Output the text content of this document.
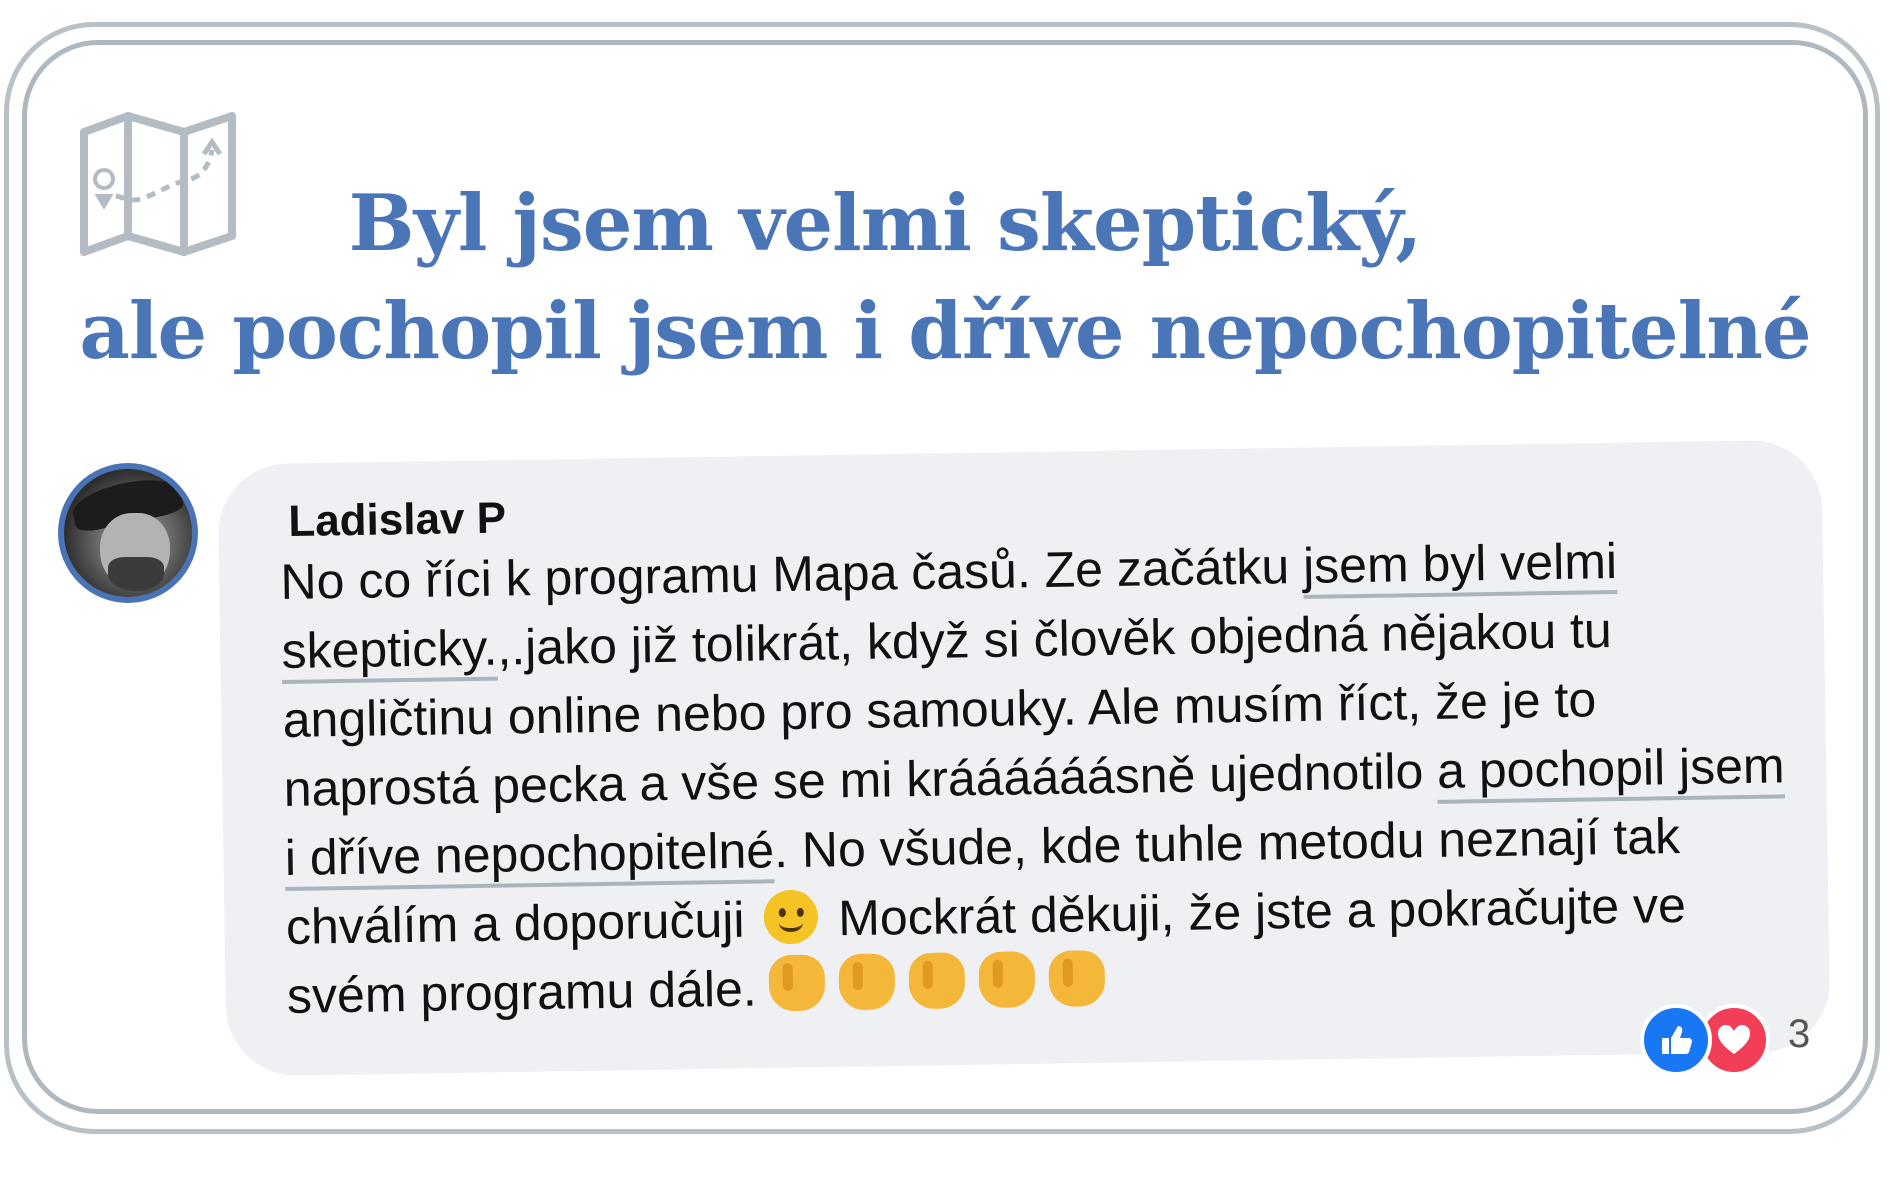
Byl jsem velmi skeptický,
ale pochopil jsem i dříve nepochopitelné

Ladislav P

No co říci k programu Mapa časů. Ze začátku jsem byl velmi skepticky.,.jako již tolikrát, když si člověk objedná nějakou tu angličtinu online nebo pro samouky. Ale musím říct, že je to naprostá pecka a vše se mi kráááááásně ujednotilo a pochopil jsem i dříve nepochopitelné. No všude, kde tuhle metodu neznají tak chválím a doporučuji  Mockrát děkuji, že jste a pokračujte ve svém programu dále.

3
